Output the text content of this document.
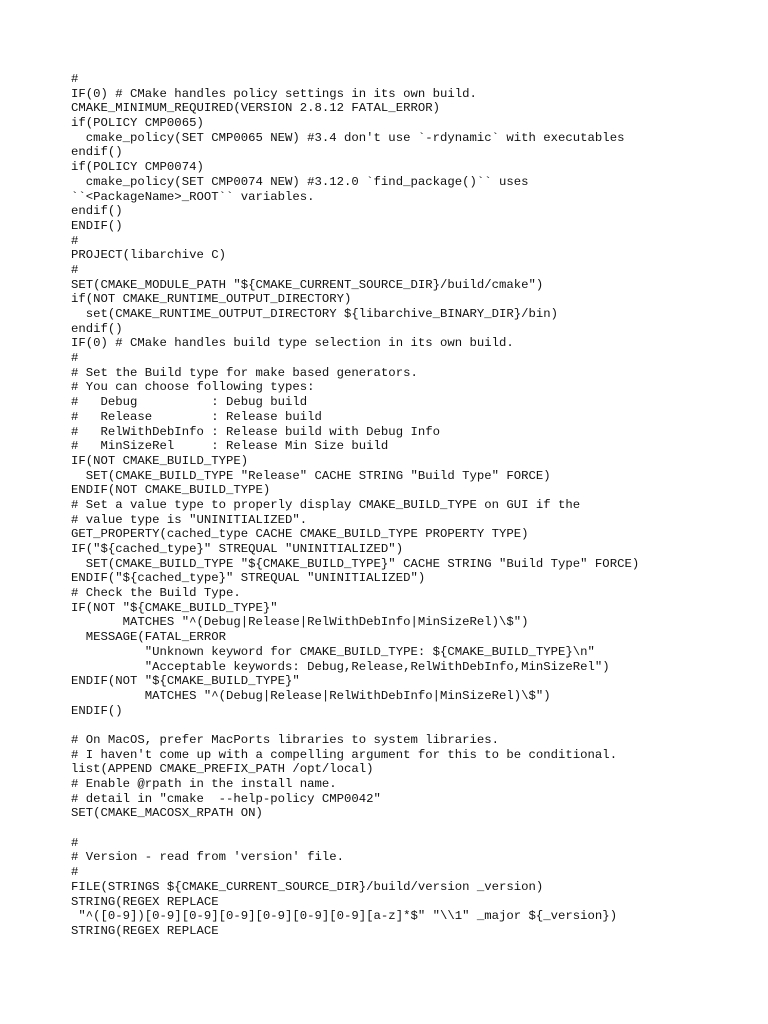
#
IF(0) # CMake handles policy settings in its own build.
CMAKE_MINIMUM_REQUIRED(VERSION 2.8.12 FATAL_ERROR)
if(POLICY CMP0065)
cmake_policy(SET CMP0065 NEW) #3.4 don't use `-rdynamic` with executables
endif()
if(POLICY CMP0074)
cmake_policy(SET CMP0074 NEW) #3.12.0 `find_package()`` uses
``<PackageName>_ROOT`` variables.
endif()
ENDIF()
#
PROJECT(libarchive C)
#
SET(CMAKE_MODULE_PATH "${CMAKE_CURRENT_SOURCE_DIR}/build/cmake")
if(NOT CMAKE_RUNTIME_OUTPUT_DIRECTORY)
set(CMAKE_RUNTIME_OUTPUT_DIRECTORY ${libarchive_BINARY_DIR}/bin)
endif()
IF(0) # CMake handles build type selection in its own build.
#
# Set the Build type for make based generators.
# You can choose following types:
#   Debug          : Debug build
#   Release        : Release build
#   RelWithDebInfo : Release build with Debug Info
#   MinSizeRel     : Release Min Size build
IF(NOT CMAKE_BUILD_TYPE)
SET(CMAKE_BUILD_TYPE "Release" CACHE STRING "Build Type" FORCE)
ENDIF(NOT CMAKE_BUILD_TYPE)
# Set a value type to properly display CMAKE_BUILD_TYPE on GUI if the
# value type is "UNINITIALIZED".
GET_PROPERTY(cached_type CACHE CMAKE_BUILD_TYPE PROPERTY TYPE)
IF("${cached_type}" STREQUAL "UNINITIALIZED")
SET(CMAKE_BUILD_TYPE "${CMAKE_BUILD_TYPE}" CACHE STRING "Build Type" FORCE)
ENDIF("${cached_type}" STREQUAL "UNINITIALIZED")
# Check the Build Type.
IF(NOT "${CMAKE_BUILD_TYPE}"
MATCHES "^(Debug|Release|RelWithDebInfo|MinSizeRel)\$")
MESSAGE(FATAL_ERROR
"Unknown keyword for CMAKE_BUILD_TYPE: ${CMAKE_BUILD_TYPE}\n"
"Acceptable keywords: Debug,Release,RelWithDebInfo,MinSizeRel")
ENDIF(NOT "${CMAKE_BUILD_TYPE}"
MATCHES "^(Debug|Release|RelWithDebInfo|MinSizeRel)\$")
ENDIF()
# On MacOS, prefer MacPorts libraries to system libraries.
# I haven't come up with a compelling argument for this to be conditional.
list(APPEND CMAKE_PREFIX_PATH /opt/local)
# Enable @rpath in the install name.
# detail in "cmake  --help-policy CMP0042"
SET(CMAKE_MACOSX_RPATH ON)
#
# Version - read from 'version' file.
#
FILE(STRINGS ${CMAKE_CURRENT_SOURCE_DIR}/build/version _version)
STRING(REGEX REPLACE
"^([0-9])[0-9][0-9][0-9][0-9][0-9][0-9][a-z]*$" "\\1" _major ${_version})
STRING(REGEX REPLACE
